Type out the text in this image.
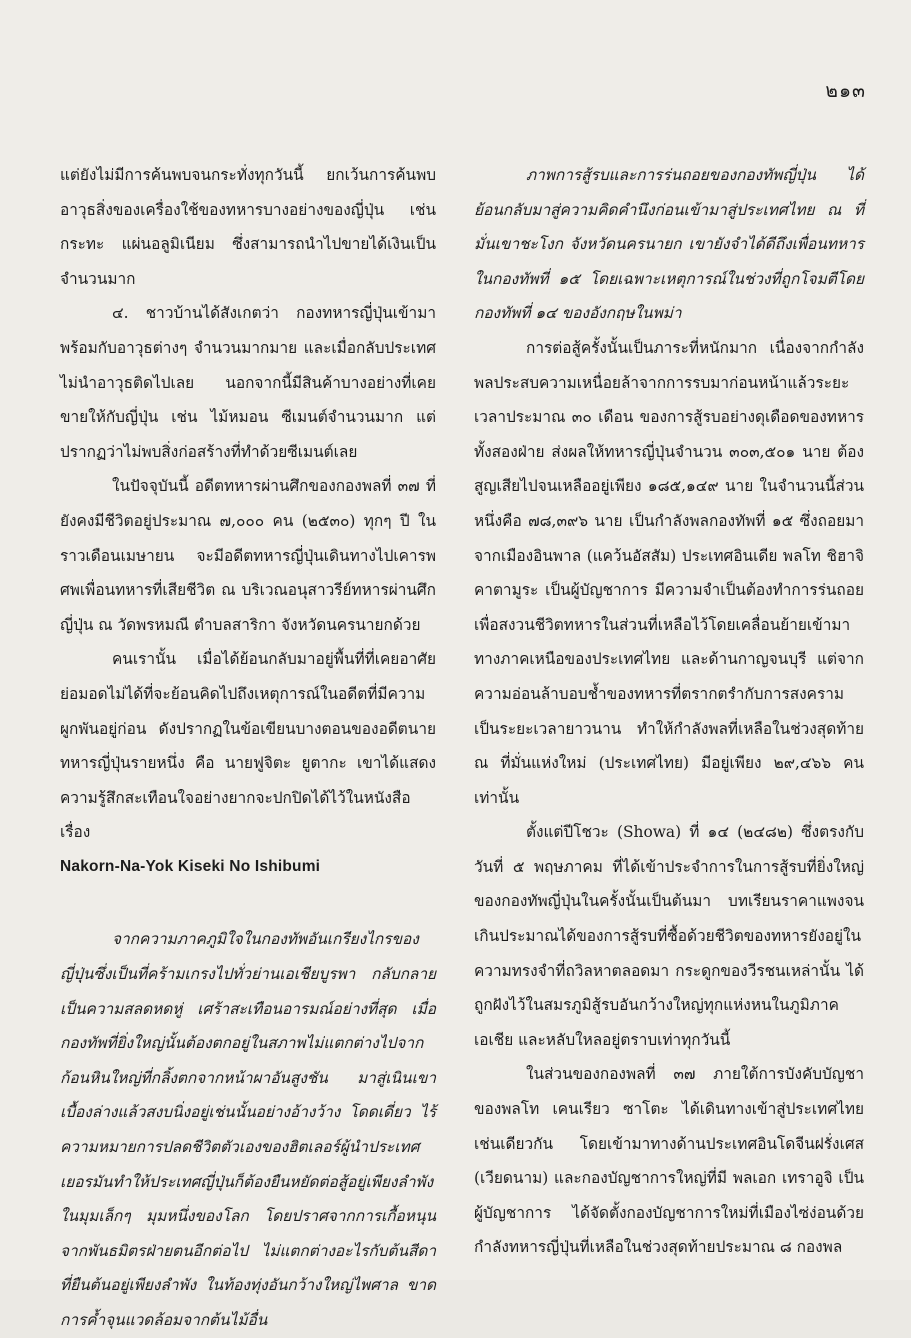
๒๑๓

แต่ยังไม่มีการค้นพบจนกระทั่งทุกวันนี้ ยกเว้นการค้นพบอาวุธสิ่งของเครื่องใช้ของทหารบางอย่างของญี่ปุ่น เช่น กระทะ แผ่นอลูมิเนียม ซึ่งสามารถนำไปขายได้เงินเป็นจำนวนมาก

๔. ชาวบ้านได้สังเกตว่า กองทหารญี่ปุ่นเข้ามาพร้อมกับอาวุธต่างๆ จำนวนมากมาย และเมื่อกลับประเทศไม่นำอาวุธติดไปเลย นอกจากนี้มีสินค้าบางอย่างที่เคยขายให้กับญี่ปุ่น เช่น ไม้หมอน ซีเมนต์จำนวนมาก แต่ปรากฏว่าไม่พบสิ่งก่อสร้างที่ทำด้วยซีเมนต์เลย

ในปัจจุบันนี้ อดีตทหารผ่านศึกของกองพลที่ ๓๗ ที่ยังคงมีชีวิตอยู่ประมาณ ๗,๐๐๐ คน (๒๕๓๐) ทุกๆ ปี ในราวเดือนเมษายน จะมีอดีตทหารญี่ปุ่นเดินทางไปเคารพศพเพื่อนทหารที่เสียชีวิต ณ บริเวณอนุสาวรีย์ทหารผ่านศึกญี่ปุ่น ณ วัดพรหมณี ตำบลสาริกา จังหวัดนครนายกด้วย

คนเรานั้น เมื่อได้ย้อนกลับมาอยู่พื้นที่ที่เคยอาศัยย่อมอดไม่ได้ที่จะย้อนคิดไปถึงเหตุการณ์ในอดีตที่มีความผูกพันอยู่ก่อน ดังปรากฏในข้อเขียนบางตอนของอดีตนายทหารญี่ปุ่นรายหนึ่ง คือ นายฟูจิตะ ยูตากะ เขาได้แสดงความรู้สึกสะเทือนใจอย่างยากจะปกปิดได้ไว้ในหนังสือ เรื่อง

Nakorn-Na-Yok Kiseki No Ishibumi

จากความภาคภูมิใจในกองทัพอันเกรียงไกรของญี่ปุ่นซึ่งเป็นที่คร้ามเกรงไปทั่วย่านเอเชียบูรพา กลับกลายเป็นความสลดหดหู่ เศร้าสะเทือนอารมณ์อย่างที่สุด เมื่อกองทัพที่ยิ่งใหญ่นั้นต้องตกอยู่ในสภาพไม่แตกต่างไปจากก้อนหินใหญ่ที่กลิ้งตกจากหน้าผาอันสูงชัน มาสู่เนินเขาเบื้องล่างแล้วสงบนิ่งอยู่เช่นนั้นอย่างอ้างว้าง โดดเดี่ยว ไร้ความหมายการปลดชีวิตตัวเองของฮิตเลอร์ผู้นำประเทศเยอรมันทำให้ประเทศญี่ปุ่นก็ต้องยืนหยัดต่อสู้อยู่เพียงลำพังในมุมเล็กๆ มุมหนึ่งของโลก โดยปราศจากการเกื้อหนุนจากพันธมิตรฝ่ายตนอีกต่อไป ไม่แตกต่างอะไรกับต้นสีดา ที่ยืนต้นอยู่เพียงลำพัง ในท้องทุ่งอันกว้างใหญ่ไพศาล ขาดการค้ำจุนแวดล้อมจากต้นไม้อื่น

ภาพการสู้รบและการร่นถอยของกองทัพญี่ปุ่น ได้ย้อนกลับมาสู่ความคิดคำนึงก่อนเข้ามาสู่ประเทศไทย ณ ที่มั่นเขาชะโงก จังหวัดนครนายก เขายังจำได้ดีถึงเพื่อนทหารในกองทัพที่ ๑๕ โดยเฉพาะเหตุการณ์ในช่วงที่ถูกโจมตีโดยกองทัพที่ ๑๔ ของอังกฤษในพม่า

การต่อสู้ครั้งนั้นเป็นภาระที่หนักมาก เนื่องจากกำลังพลประสบความเหนื่อยล้าจากการรบมาก่อนหน้าแล้วระยะเวลาประมาณ ๓๐ เดือน ของการสู้รบอย่างดุเดือดของทหารทั้งสองฝ่าย ส่งผลให้ทหารญี่ปุ่นจำนวน ๓๐๓,๕๐๑ นาย ต้องสูญเสียไปจนเหลืออยู่เพียง ๑๘๕,๑๔๙ นาย ในจำนวนนี้ส่วนหนึ่งคือ ๗๘,๓๙๖ นาย เป็นกำลังพลกองทัพที่ ๑๕ ซึ่งถอยมาจากเมืองอินพาล (แคว้นอัสสัม) ประเทศอินเดีย พลโท ชิฮาจิ คาตามูระ เป็นผู้บัญชาการ มีความจำเป็นต้องทำการร่นถอยเพื่อสงวนชีวิตทหารในส่วนที่เหลือไว้โดยเคลื่อนย้ายเข้ามาทางภาคเหนือของประเทศไทย และด้านกาญจนบุรี แต่จากความอ่อนล้าบอบช้ำของทหารที่ตรากตรำกับการสงครามเป็นระยะเวลายาวนาน ทำให้กำลังพลที่เหลือในช่วงสุดท้าย ณ ที่มั่นแห่งใหม่ (ประเทศไทย) มีอยู่เพียง ๒๙,๔๖๖ คนเท่านั้น

ตั้งแต่ปีโชวะ (Showa) ที่ ๑๔ (๒๔๘๒) ซึ่งตรงกับวันที่ ๕ พฤษภาคม ที่ได้เข้าประจำการในการสู้รบที่ยิ่งใหญ่ของกองทัพญี่ปุ่นในครั้งนั้นเป็นต้นมา บทเรียนราคาแพงจนเกินประมาณได้ของการสู้รบที่ซื้อด้วยชีวิตของทหารยังอยู่ในความทรงจำที่ถวิลหาตลอดมา กระดูกของวีรชนเหล่านั้น ได้ถูกฝังไว้ในสมรภูมิสู้รบอันกว้างใหญ่ทุกแห่งหนในภูมิภาคเอเชีย และหลับใหลอยู่ตราบเท่าทุกวันนี้

ในส่วนของกองพลที่ ๓๗ ภายใต้การบังคับบัญชาของพลโท เคนเรียว ซาโตะ ได้เดินทางเข้าสู่ประเทศไทยเช่นเดียวกัน โดยเข้ามาทางด้านประเทศอินโดจีนฝรั่งเศส (เวียดนาม) และกองบัญชาการใหญ่ที่มี พลเอก เทราอูจิ เป็นผู้บัญชาการ ได้จัดตั้งกองบัญชาการใหม่ที่เมืองไซ่ง่อนด้วยกำลังทหารญี่ปุ่นที่เหลือในช่วงสุดท้ายประมาณ ๘ กองพล
